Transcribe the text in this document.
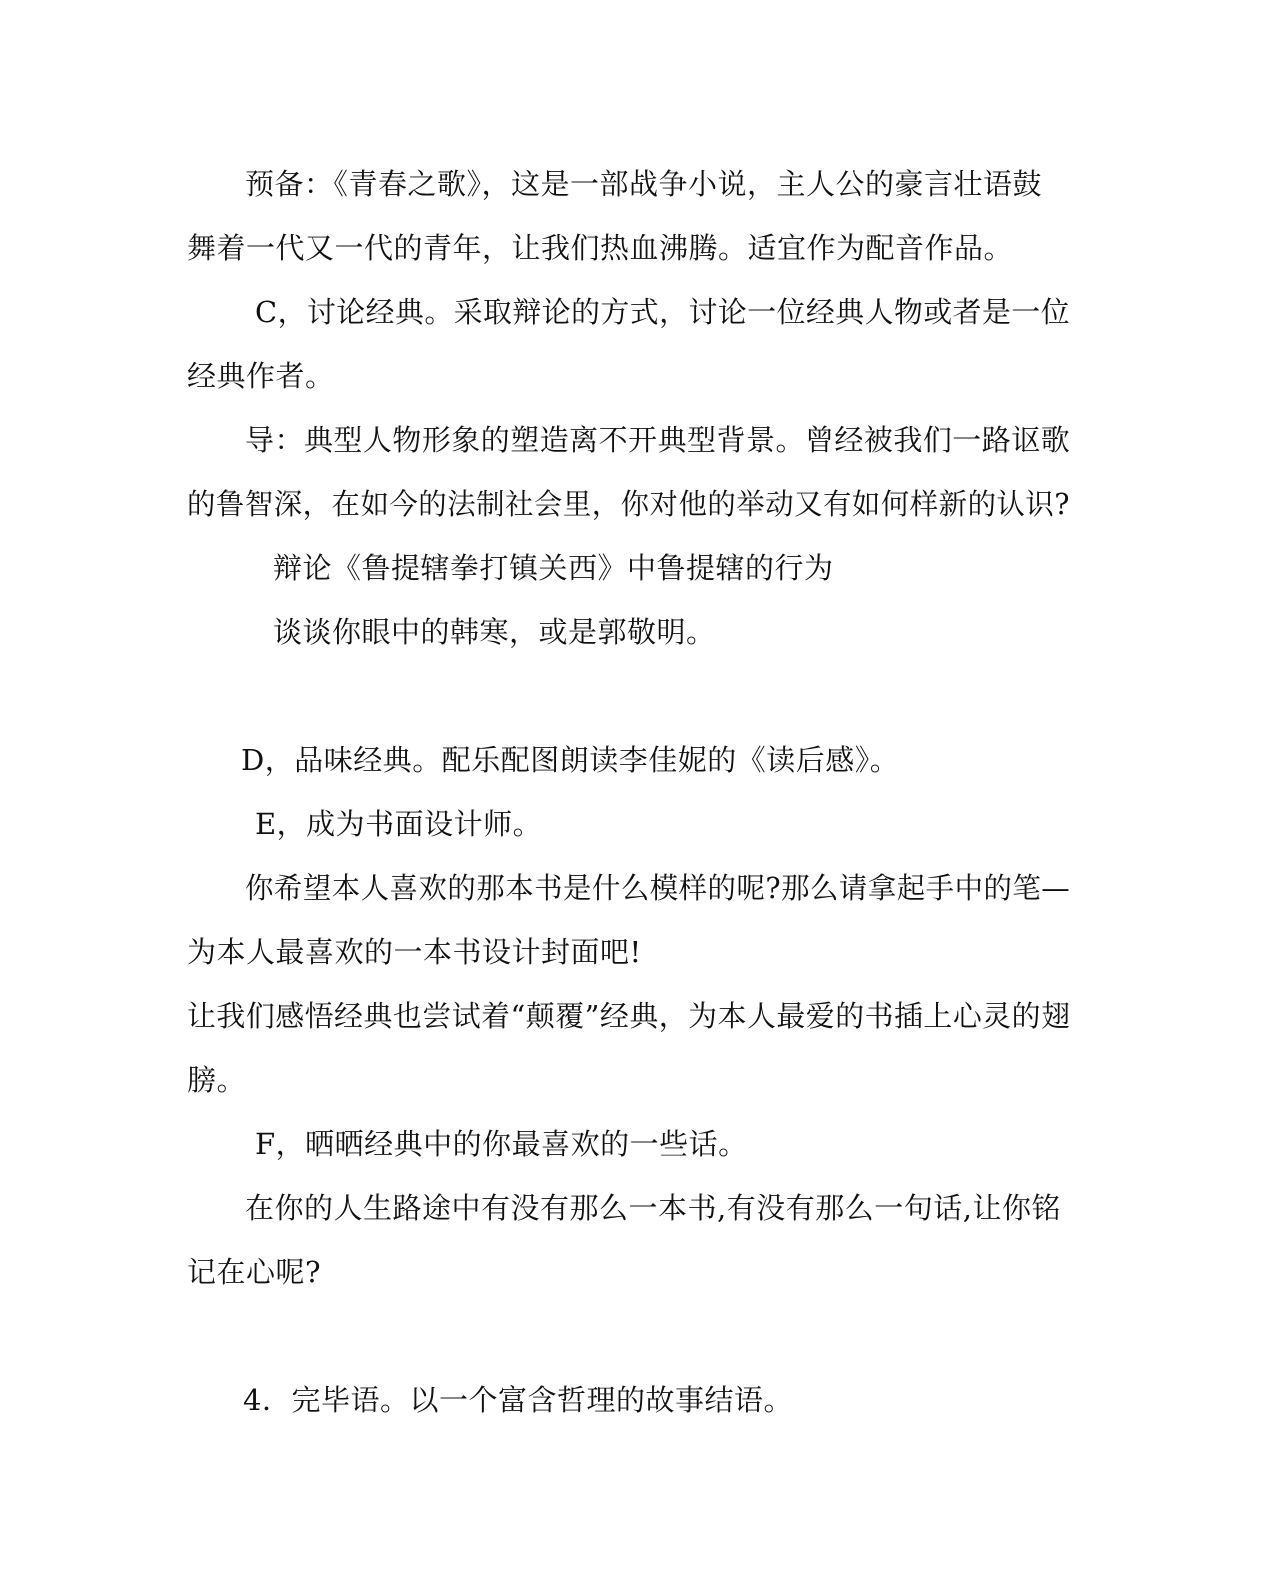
预备：《青春之歌》，这是一部战争小说，主人公的豪言壮语鼓
舞着一代又一代的青年，让我们热血沸腾。适宜作为配音作品。
C，讨论经典。采取辩论的方式，讨论一位经典人物或者是一位
经典作者。
导：典型人物形象的塑造离不开典型背景。曾经被我们一路讴歌
的鲁智深，在如今的法制社会里，你对他的举动又有如何样新的认识?
辩论《鲁提辖拳打镇关西》中鲁提辖的行为
谈谈你眼中的韩寒，或是郭敬明。
D，品味经典。配乐配图朗读李佳妮的《读后感》。
E，成为书面设计师。
你希望本人喜欢的那本书是什么模样的呢?那么请拿起手中的笔—
为本人最喜欢的一本书设计封面吧!
让我们感悟经典也尝试着“颠覆”经典，为本人最爱的书插上心灵的翅
膀。
F，晒晒经典中的你最喜欢的一些话。
在你的人生路途中有没有那么一本书,有没有那么一句话,让你铭
记在心呢?
4．完毕语。以一个富含哲理的故事结语。
